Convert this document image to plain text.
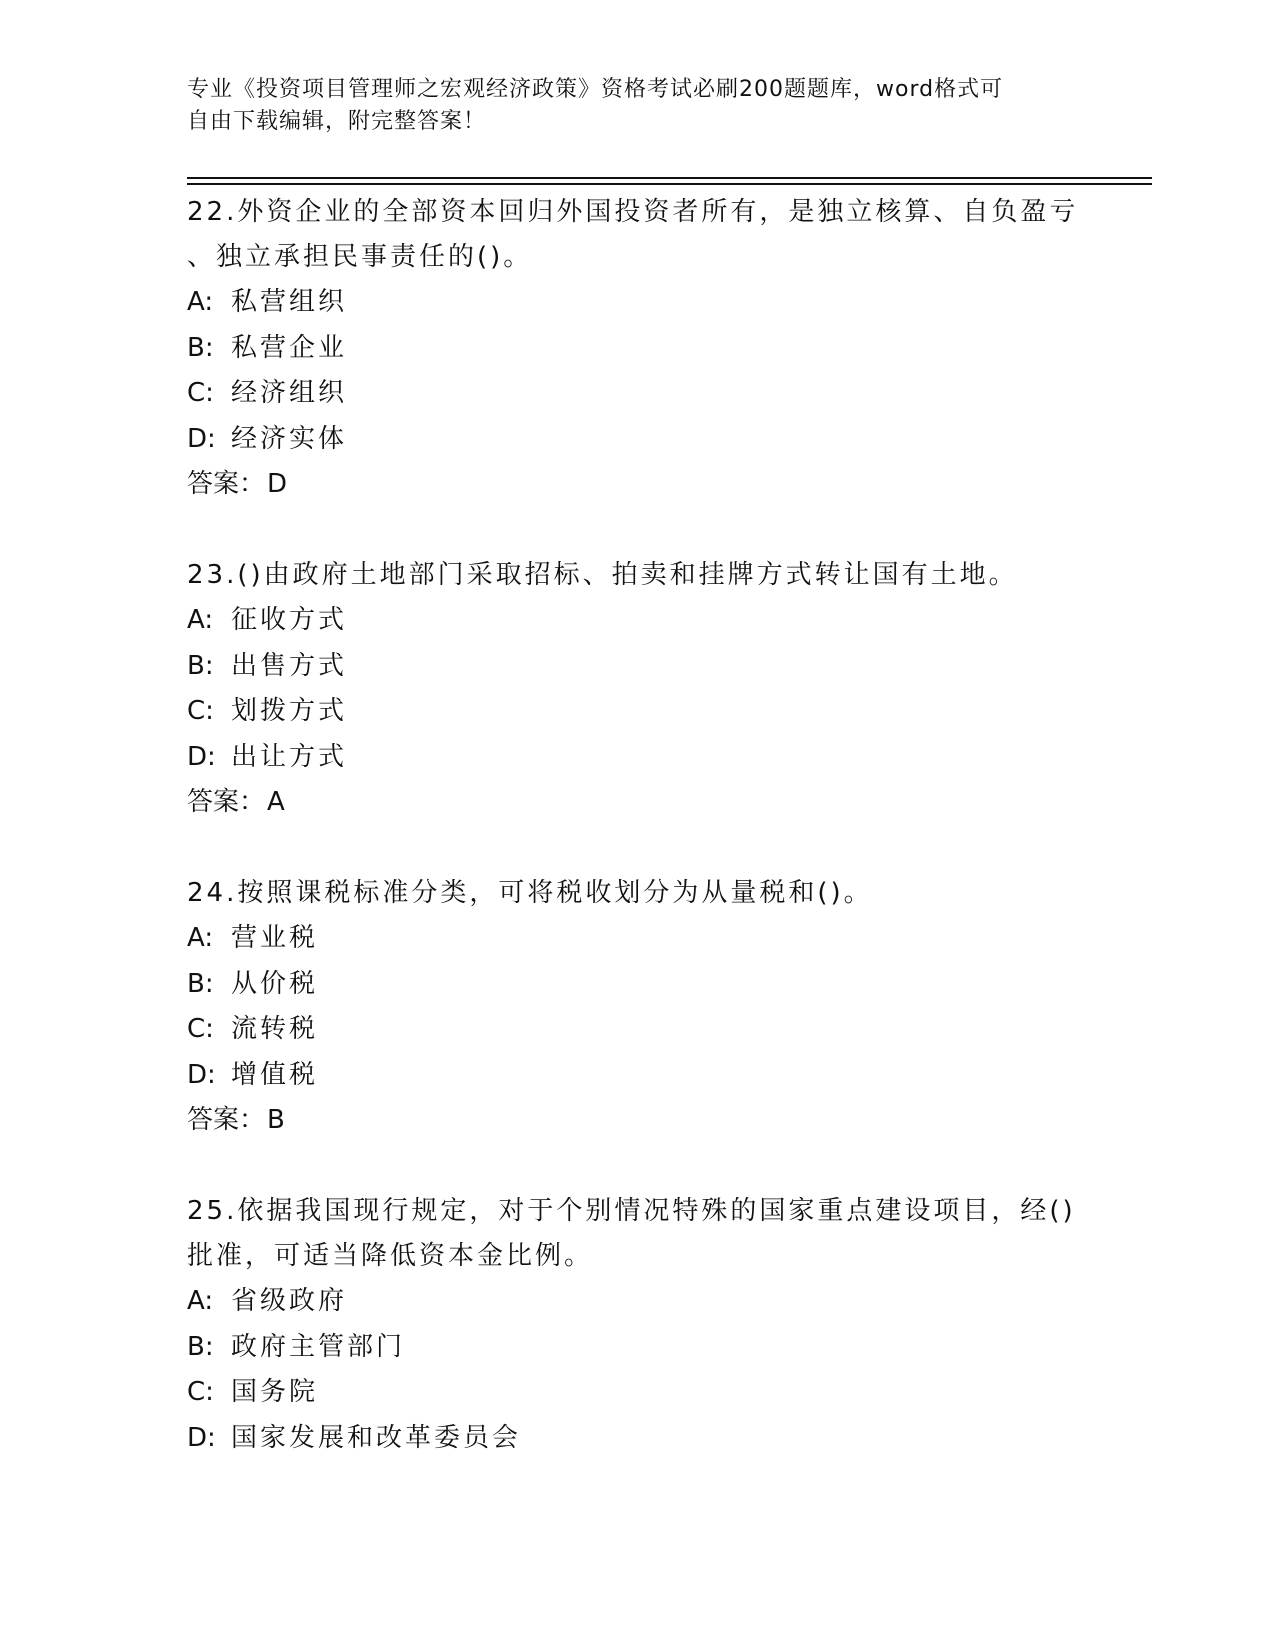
专业《投资项目管理师之宏观经济政策》资格考试必刷200题题库，word格式可
自由下载编辑，附完整答案！
22.外资企业的全部资本回归外国投资者所有，是独立核算、自负盈亏
、独立承担民事责任的()。
A: 私营组织
B: 私营企业
C: 经济组织
D: 经济实体
答案：D
23.()由政府土地部门采取招标、拍卖和挂牌方式转让国有土地。
A: 征收方式
B: 出售方式
C: 划拨方式
D: 出让方式
答案：A
24.按照课税标准分类，可将税收划分为从量税和()。
A: 营业税
B: 从价税
C: 流转税
D: 增值税
答案：B
25.依据我国现行规定，对于个别情况特殊的国家重点建设项目，经()
批准，可适当降低资本金比例。
A: 省级政府
B: 政府主管部门
C: 国务院
D: 国家发展和改革委员会
